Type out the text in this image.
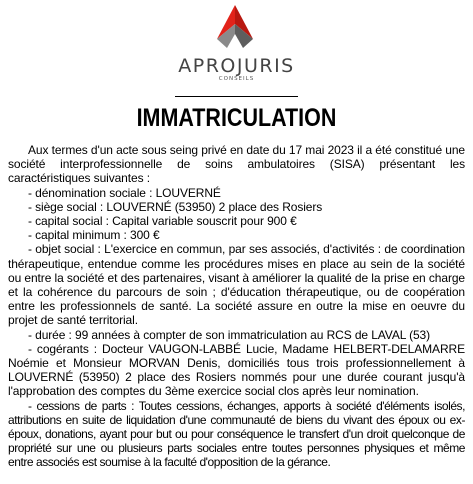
APROJURIS
CONSEILS
IMMATRICULATION

Aux termes d'un acte sous seing privé en date du 17 mai 2023 il a été constitué une société interprofessionnelle de soins ambulatoires (SISA) présentant les caractéristiques suivantes :

- dénomination sociale : LOUVERNÉ

- siège social : LOUVERNÉ (53950) 2 place des Rosiers

- capital social : Capital variable souscrit pour 900 €

- capital minimum : 300 €

- objet social : L'exercice en commun, par ses associés, d'activités : de coordination thérapeutique, entendue comme les procédures mises en place au sein de la société ou entre la société et des partenaires, visant à améliorer la qualité de la prise en charge et la cohérence du parcours de soin ; d'éducation thérapeutique, ou de coopération entre les professionnels de santé. La société assure en outre la mise en oeuvre du projet de santé territorial.

- durée : 99 années à compter de son immatriculation au RCS de LAVAL (53)

- cogérants : Docteur VAUGON-LABBÉ Lucie, Madame HELBERT-DELAMARRE Noémie et Monsieur MORVAN Denis, domiciliés tous trois professionnellement à LOUVERNÉ (53950) 2 place des Rosiers nommés pour une durée courant jusqu'à l'approbation des comptes du 3ème exercice social clos après leur nomination.

- cessions de parts : Toutes cessions, échanges, apports à société d'éléments isolés, attributions en suite de liquidation d'une communauté de biens du vivant des époux ou ex-époux, donations, ayant pour but ou pour conséquence le transfert d'un droit quelconque de propriété sur une ou plusieurs parts sociales entre toutes personnes physiques et même entre associés est soumise à la faculté d'opposition de la gérance.
